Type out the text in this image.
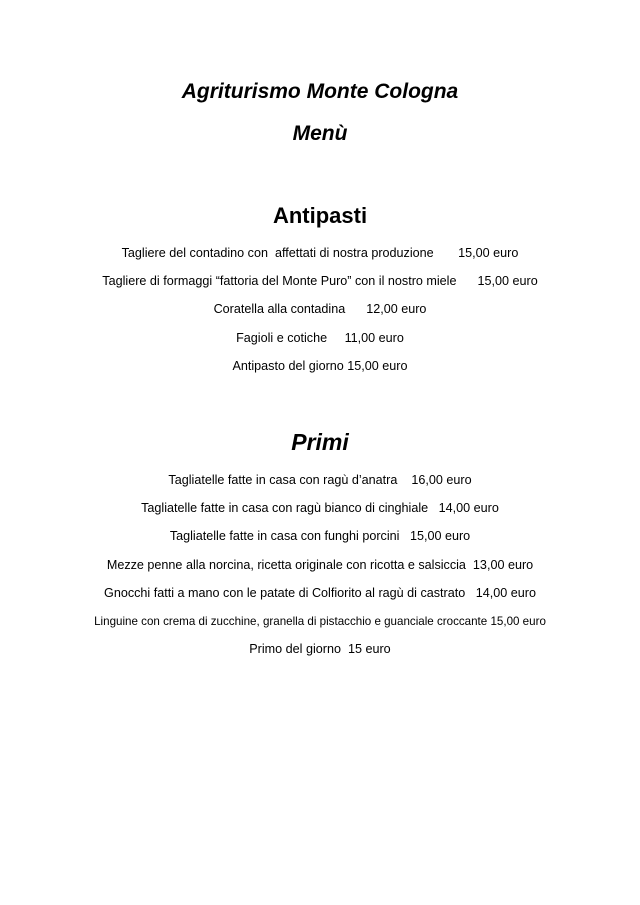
Agriturismo Monte Cologna
Menù
Antipasti
Tagliere del contadino con  affettati di nostra produzione       15,00 euro
Tagliere di formaggi “fattoria del Monte Puro” con il nostro miele      15,00 euro
Coratella alla contadina      12,00 euro
Fagioli e cotiche     11,00 euro
Antipasto del giorno 15,00 euro
Primi
Tagliatelle fatte in casa con ragù d’anatra    16,00 euro
Tagliatelle fatte in casa con ragù bianco di cinghiale   14,00 euro
Tagliatelle fatte in casa con funghi porcini   15,00 euro
Mezze penne alla norcina, ricetta originale con ricotta e salsiccia  13,00 euro
Gnocchi fatti a mano con le patate di Colfiorito al ragù di castrato   14,00 euro
Linguine con crema di zucchine, granella di pistacchio e guanciale croccante 15,00 euro
Primo del giorno  15 euro
